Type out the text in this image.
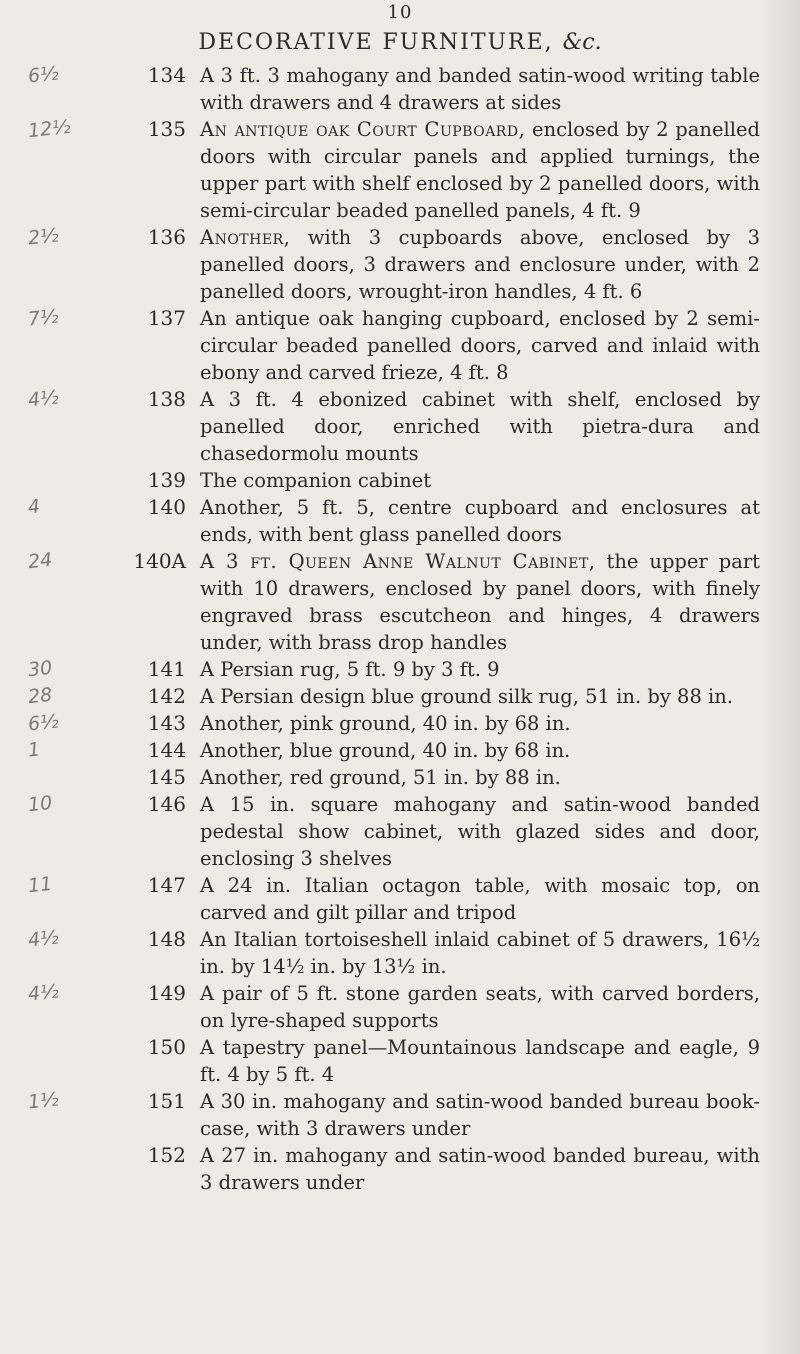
10
DECORATIVE FURNITURE, &c.
134 A 3 ft. 3 mahogany and banded satin-wood writing table with drawers and 4 drawers at sides
135 An antique oak Court Cupboard, enclosed by 2 panelled doors with circular panels and applied turnings, the upper part with shelf enclosed by 2 panelled doors, with semi-circular beaded panelled panels, 4 ft. 9
136 Another, with 3 cupboards above, enclosed by 3 panelled doors, 3 drawers and enclosure under, with 2 panelled doors, wrought-iron handles, 4 ft. 6
137 An antique oak hanging cupboard, enclosed by 2 semi-circular beaded panelled doors, carved and inlaid with ebony and carved frieze, 4 ft. 8
138 A 3 ft. 4 ebonized cabinet with shelf, enclosed by panelled door, enriched with pietra-dura and chasedormolu mounts
139 The companion cabinet
140 Another, 5 ft. 5, centre cupboard and enclosures at ends, with bent glass panelled doors
140A A 3 ft. Queen Anne Walnut Cabinet, the upper part with 10 drawers, enclosed by panel doors, with finely engraved brass escutcheon and hinges, 4 drawers under, with brass drop handles
141 A Persian rug, 5 ft. 9 by 3 ft. 9
142 A Persian design blue ground silk rug, 51 in. by 88 in.
143 Another, pink ground, 40 in. by 68 in.
144 Another, blue ground, 40 in. by 68 in.
145 Another, red ground, 51 in. by 88 in.
146 A 15 in. square mahogany and satin-wood banded pedestal show cabinet, with glazed sides and door, enclosing 3 shelves
147 A 24 in. Italian octagon table, with mosaic top, on carved and gilt pillar and tripod
148 An Italian tortoiseshell inlaid cabinet of 5 drawers, 16½ in. by 14½ in. by 13½ in.
149 A pair of 5 ft. stone garden seats, with carved borders, on lyre-shaped supports
150 A tapestry panel—Mountainous landscape and eagle, 9 ft. 4 by 5 ft. 4
151 A 30 in. mahogany and satin-wood banded bureau book-case, with 3 drawers under
152 A 27 in. mahogany and satin-wood banded bureau, with 3 drawers under
6½
12½
2½
7½
4½
4
24
30
28
6½
1
10
11
4½
4½
1½
